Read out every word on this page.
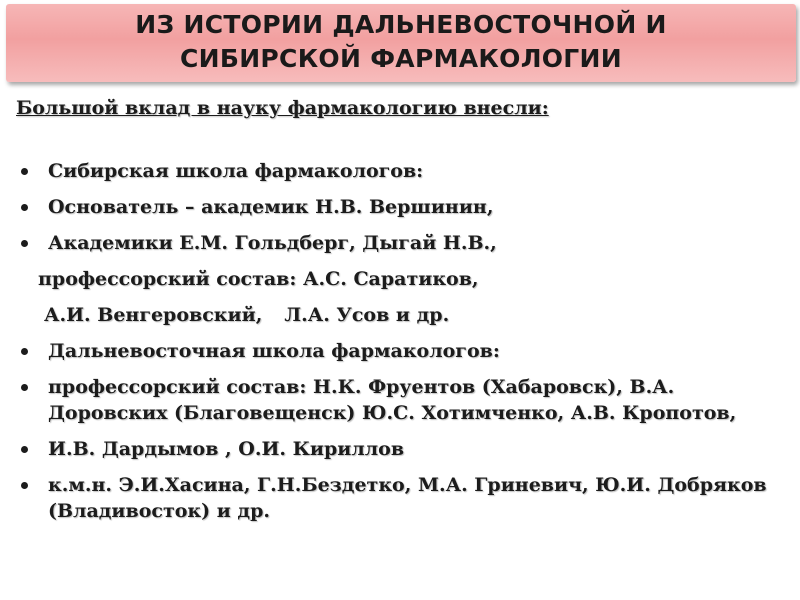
ИЗ ИСТОРИИ ДАЛЬНЕВОСТОЧНОЙ И
СИБИРСКОЙ ФАРМАКОЛОГИИ
Большой вклад в науку фармакологию внесли:
Сибирская школа фармакологов:
Основатель – академик Н.В. Вершинин,
Академики Е.М. Гольдберг, Дыгай Н.В.,
профессорский состав: А.С. Саратиков,
А.И. Венгеровский, Л.А. Усов и др.
Дальневосточная школа фармакологов:
профессорский состав: Н.К. Фруентов (Хабаровск), В.А. Доровских (Благовещенск) Ю.С. Хотимченко, А.В. Кропотов,
И.В. Дардымов , О.И. Кириллов
к.м.н. Э.И.Хасина, Г.Н.Бездетко, М.А. Гриневич, Ю.И. Добряков (Владивосток) и др.
